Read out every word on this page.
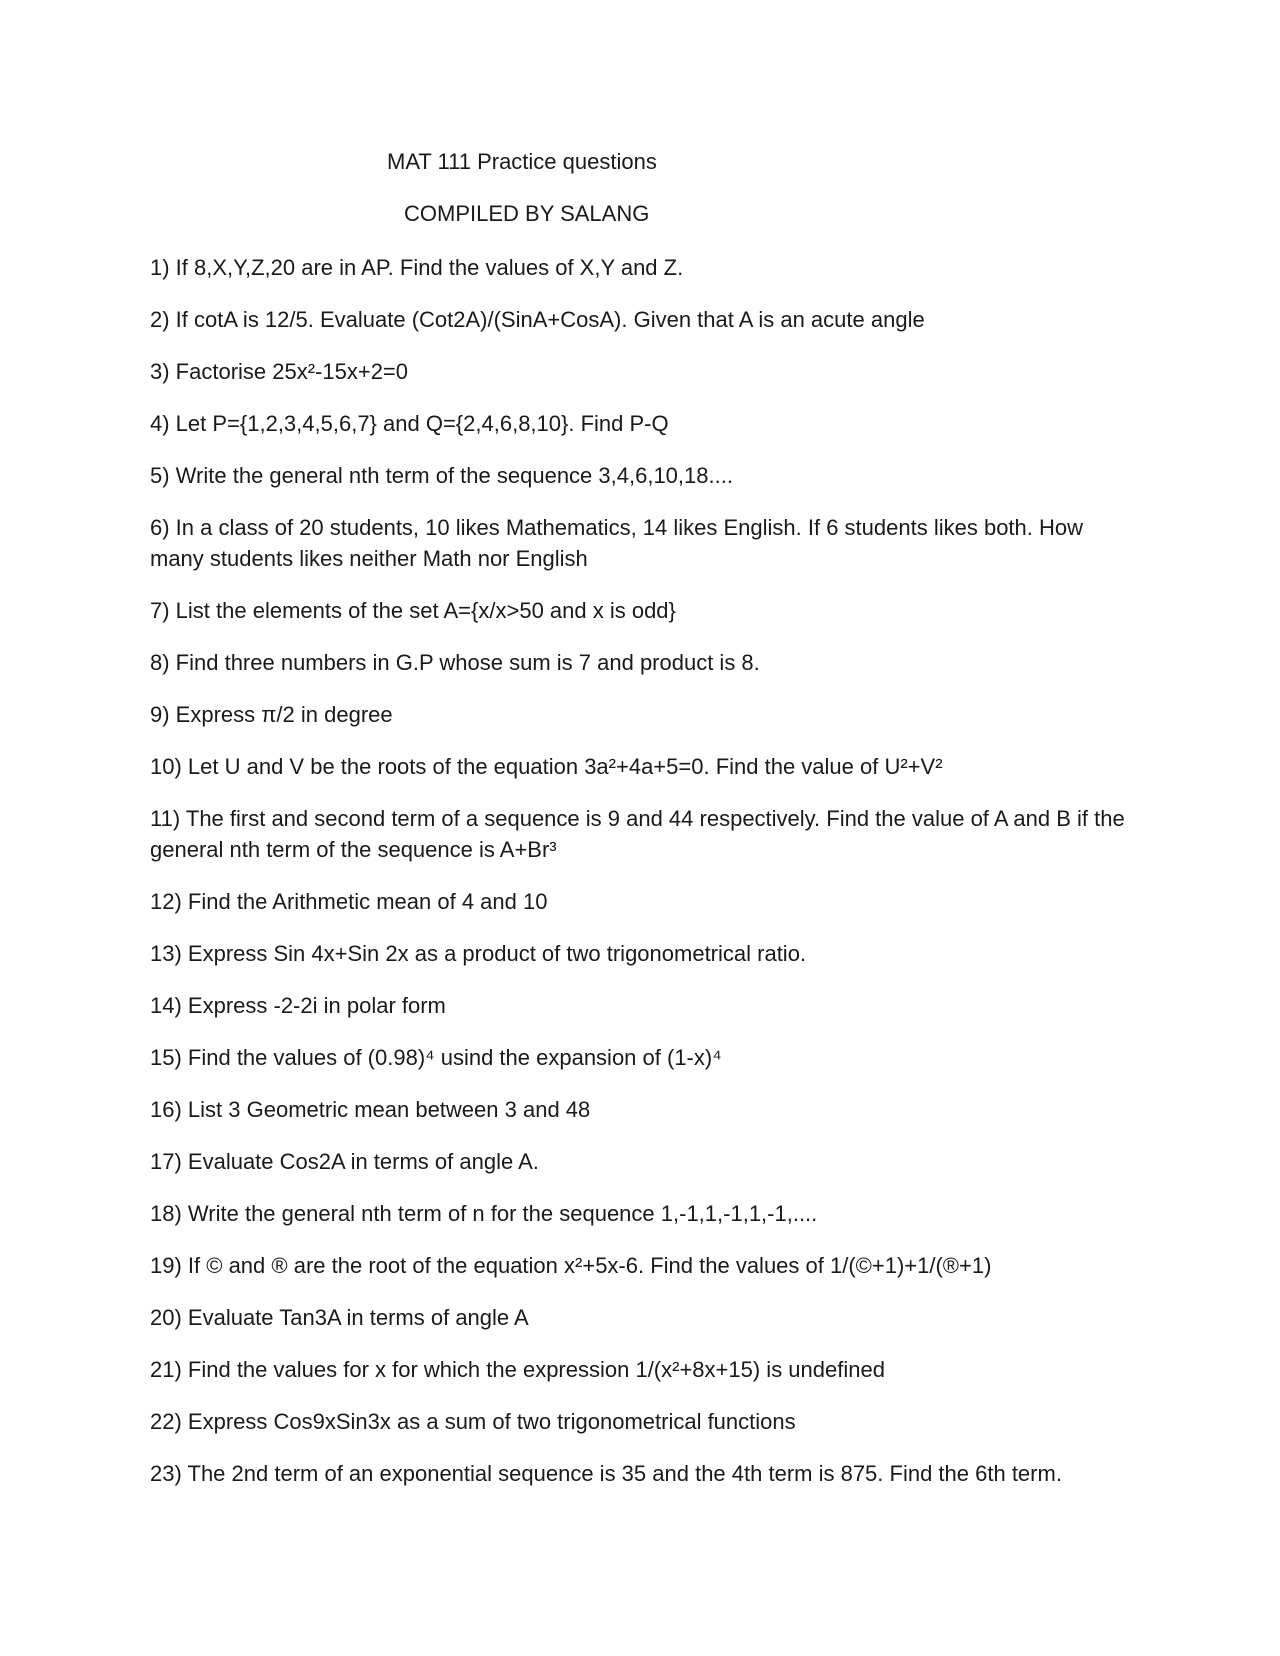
MAT 111 Practice questions
COMPILED BY SALANG
1) If 8,X,Y,Z,20 are in AP. Find the values of X,Y and Z.
2) If cotA is 12/5. Evaluate (Cot2A)/(SinA+CosA). Given that A is an acute angle
3) Factorise 25x²-15x+2=0
4) Let P={1,2,3,4,5,6,7} and Q={2,4,6,8,10}. Find P-Q
5) Write the general nth term of the sequence 3,4,6,10,18....
6) In a class of 20 students, 10 likes Mathematics, 14 likes English. If 6 students likes both. How many students likes neither Math nor English
7) List the elements of the set A={x/x>50 and x is odd}
8) Find three numbers in G.P whose sum is 7 and product is 8.
9) Express π/2 in degree
10) Let U and V be the roots of the equation 3a²+4a+5=0. Find the value of U²+V²
11) The first and second term of a sequence is 9 and 44 respectively. Find the value of A and B if the general nth term of the sequence is A+Br³
12) Find the Arithmetic mean of 4 and 10
13) Express Sin 4x+Sin 2x as a product of two trigonometrical ratio.
14) Express -2-2i in polar form
15) Find the values of (0.98)⁴ usind the expansion of (1-x)⁴
16) List 3 Geometric mean between 3 and 48
17) Evaluate Cos2A in terms of angle A.
18) Write the general nth term of n for the sequence 1,-1,1,-1,1,-1,....
19) If © and ® are the root of the equation x²+5x-6. Find the values of 1/(©+1)+1/(®+1)
20) Evaluate Tan3A in terms of angle A
21) Find the values for x for which the expression 1/(x²+8x+15) is undefined
22) Express Cos9xSin3x as a sum of two trigonometrical functions
23) The 2nd term of an exponential sequence is 35 and the 4th term is 875. Find the 6th term.
